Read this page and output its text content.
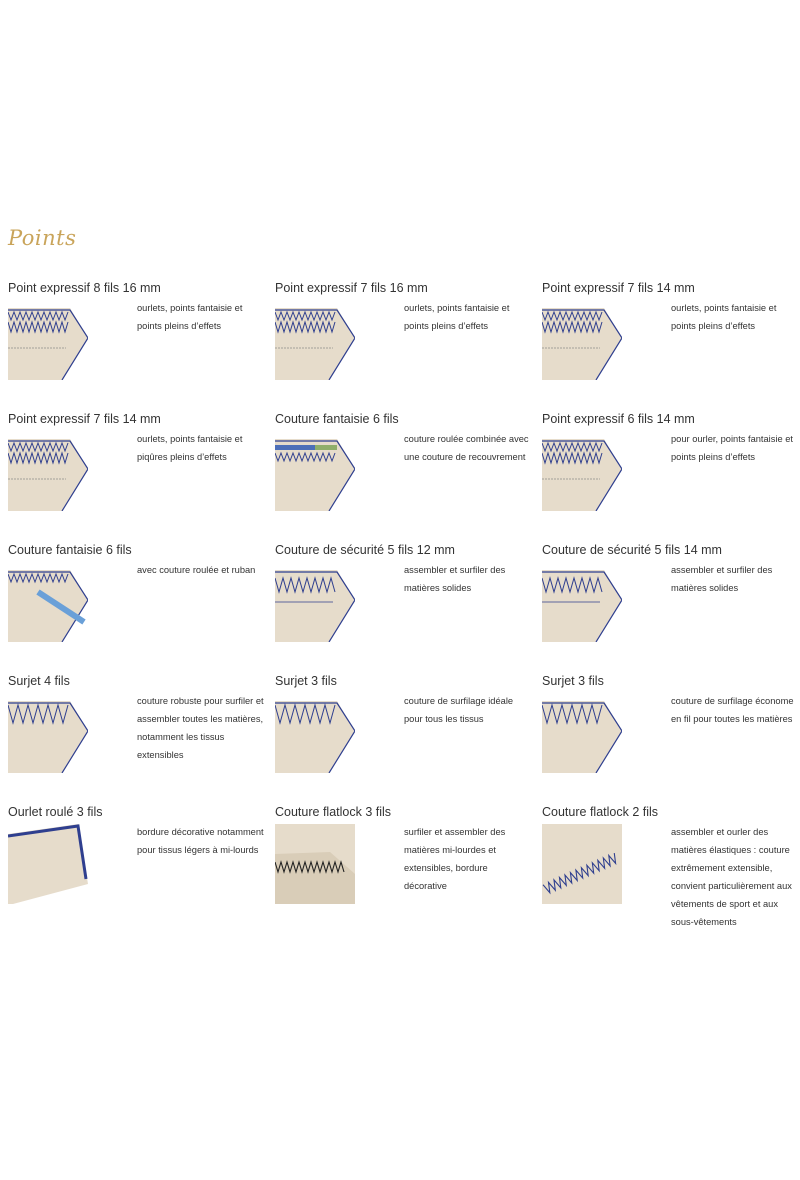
Points
Point expressif 8 fils 16 mm
ourlets, points fantaisie et points pleins d’effets
Point expressif 7 fils 16 mm
ourlets, points fantaisie et points pleins d’effets
Point expressif 7 fils 14 mm
ourlets, points fantaisie et points pleins d’effets
Point expressif 7 fils 14 mm
ourlets, points fantaisie et piqûres pleins d’effets
Couture fantaisie 6 fils
couture roulée combinée avec une couture de recouvrement
Point expressif 6 fils 14 mm
pour ourler, points fantaisie et points pleins d’effets
Couture fantaisie 6 fils
avec couture roulée et ruban
Couture de sécurité 5 fils 12 mm
assembler et surfiler des matières solides
Couture de sécurité 5 fils 14 mm
assembler et surfiler des matières solides
Surjet 4 fils
couture robuste pour surfiler et assembler toutes les matières, notamment les tissus extensibles
Surjet 3 fils
couture de surfilage idéale pour tous les tissus
Surjet 3 fils
couture de surfilage économe en fil pour toutes les matières
Ourlet roulé 3 fils
bordure décorative notamment pour tissus légers à mi-lourds
Couture flatlock 3 fils
surfiler et assembler des matières mi-lourdes et extensibles, bordure décorative
Couture flatlock 2 fils
assembler et ourler des matières élastiques : couture extrêmement extensible, convient particulièrement aux vêtements de sport et aux sous-vêtements
